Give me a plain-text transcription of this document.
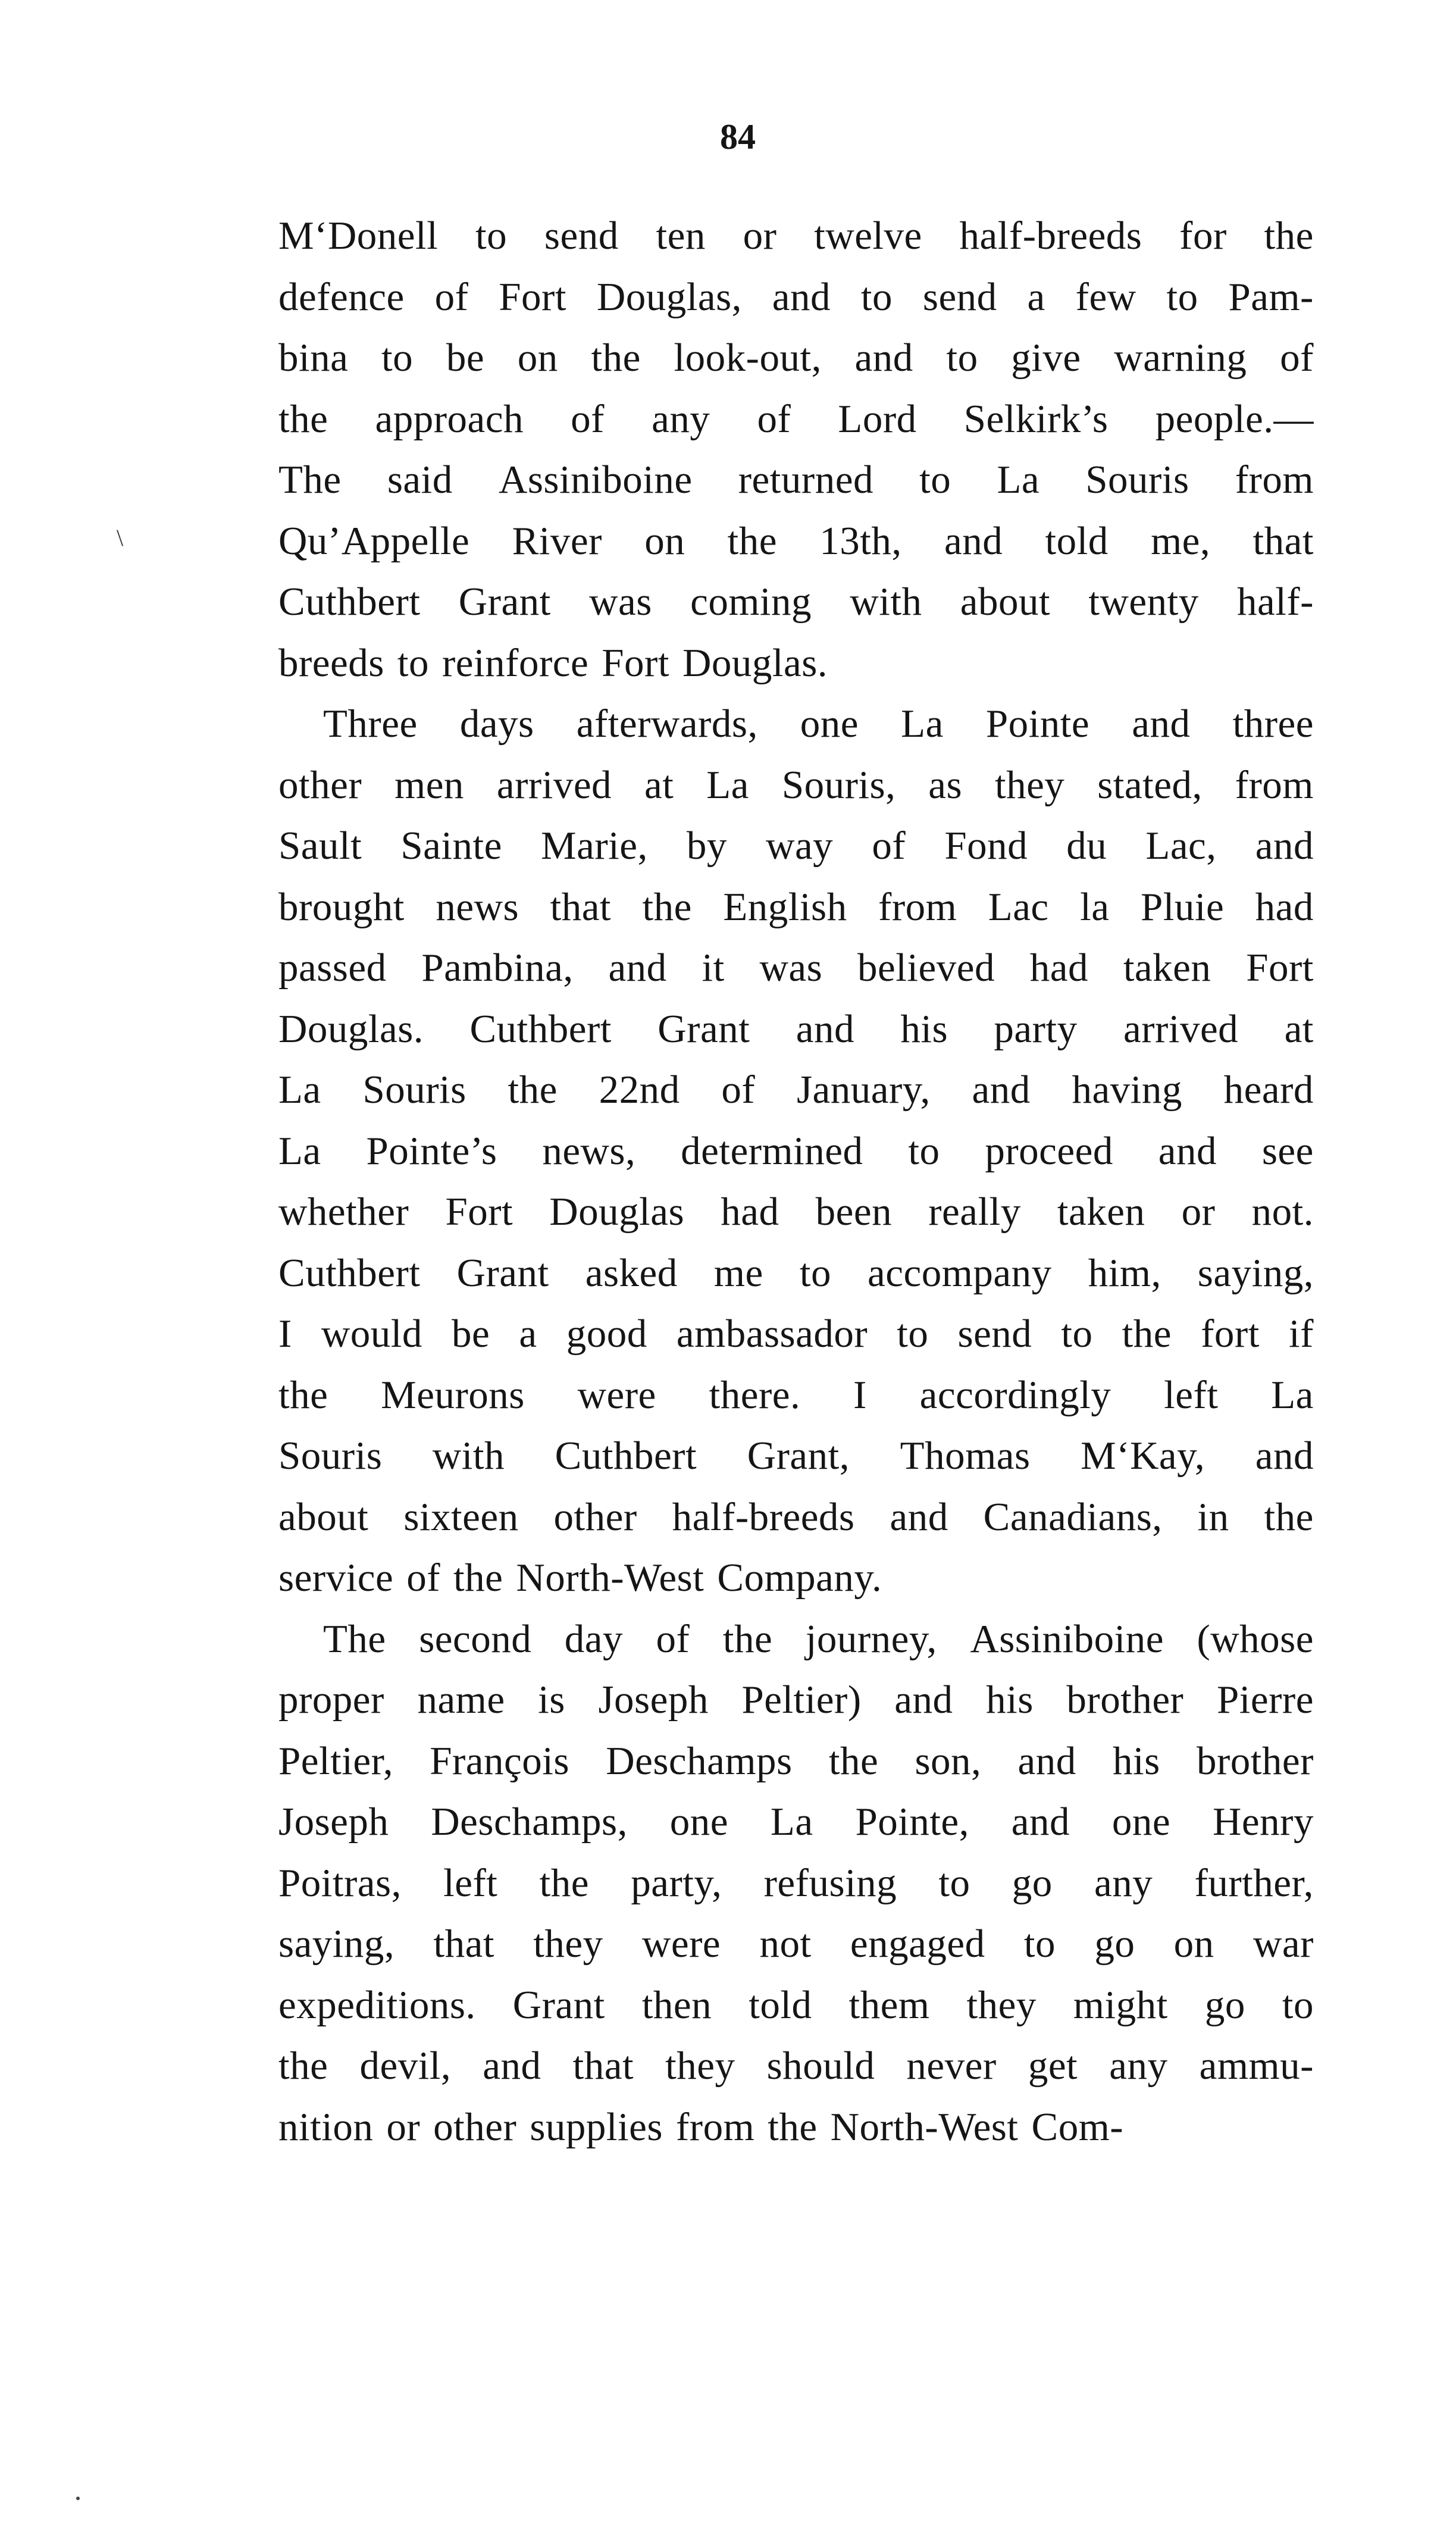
84
\
M‘Donell to send ten or twelve half-breeds for the
defence of Fort Douglas, and to send a few to Pam-
bina to be on the look-out, and to give warning of
the approach of any of Lord Selkirk’s people.—
The said Assiniboine returned to La Souris from
Qu’Appelle River on the 13th, and told me, that
Cuthbert Grant was coming with about twenty half-
breeds to reinforce Fort Douglas.
Three days afterwards, one La Pointe and three
other men arrived at La Souris, as they stated, from
Sault Sainte Marie, by way of Fond du Lac, and
brought news that the English from Lac la Pluie had
passed Pambina, and it was believed had taken Fort
Douglas. Cuthbert Grant and his party arrived at
La Souris the 22nd of January, and having heard
La Pointe’s news, determined to proceed and see
whether Fort Douglas had been really taken or not.
Cuthbert Grant asked me to accompany him, saying,
I would be a good ambassador to send to the fort if
the Meurons were there. I accordingly left La
Souris with Cuthbert Grant, Thomas M‘Kay, and
about sixteen other half-breeds and Canadians, in the
service of the North-West Company.
The second day of the journey, Assiniboine (whose
proper name is Joseph Peltier) and his brother Pierre
Peltier, François Deschamps the son, and his brother
Joseph Deschamps, one La Pointe, and one Henry
Poitras, left the party, refusing to go any further,
saying, that they were not engaged to go on war
expeditions. Grant then told them they might go to
the devil, and that they should never get any ammu-
nition or other supplies from the North-West Com-
